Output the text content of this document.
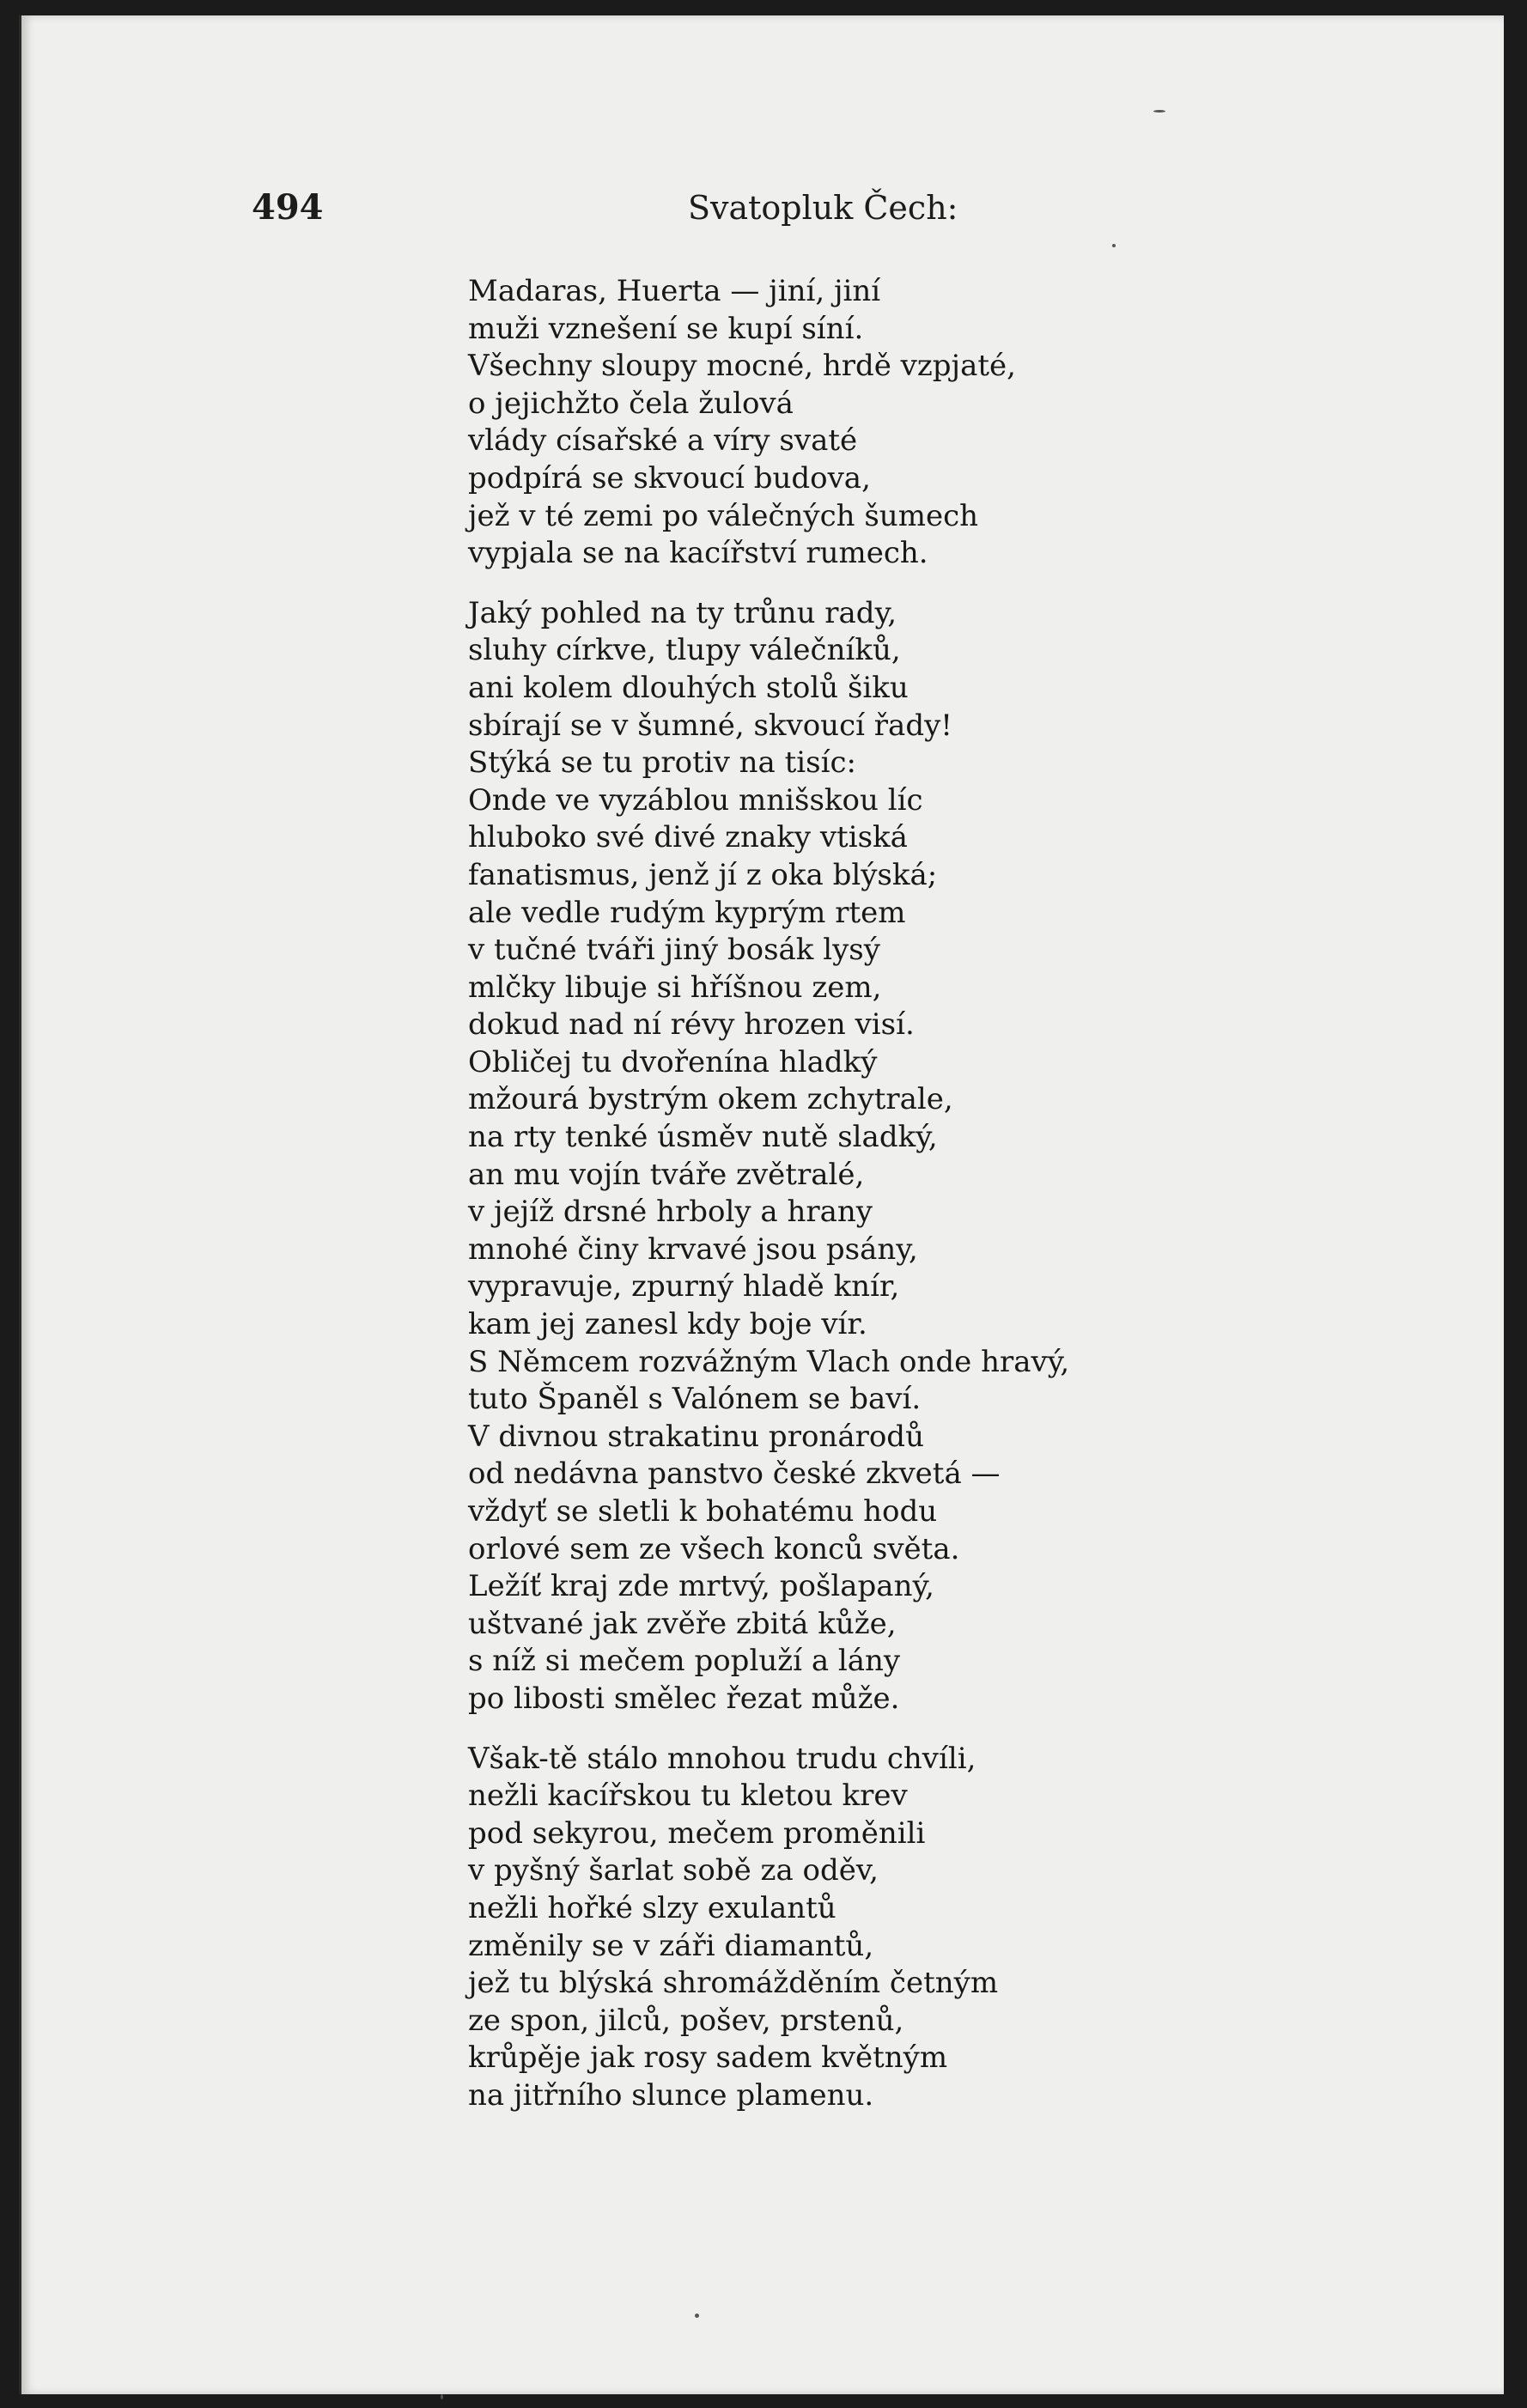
494	Svatopluk Čech:
Madaras, Huerta — jiní, jiní
muži vznešení se kupí síní.
Všechny sloupy mocné, hrdě vzpjaté,
o jejichžto čela žulová
vlády císařské a víry svaté
podpírá se skvoucí budova,
jež v té zemi po válečných šumech
vypjala se na kacířství rumech.
Jaký pohled na ty trůnu rady,
sluhy církve, tlupy válečníků,
ani kolem dlouhých stolů šiku
sbírají se v šumné, skvoucí řady!
Stýká se tu protiv na tisíc:
Onde ve vyzáblou mnišskou líc
hluboko své divé znaky vtiská
fanatismus, jenž jí z oka blýská;
ale vedle rudým kyprým rtem
v tučné tváři jiný bosák lysý
mlčky libuje si hříšnou zem,
dokud nad ní révy hrozen visí.
Obličej tu dvořenína hladký
mžourá bystrým okem zchytrale,
na rty tenké úsměv nutě sladký,
an mu vojín tváře zvětralé,
v jejíž drsné hrboly a hrany
mnohé činy krvavé jsou psány,
vypravuje, zpurný hladě knír,
kam jej zanesl kdy boje vír.
S Němcem rozvážným Vlach onde hravý,
tuto Španěl s Valónem se baví.
V divnou strakatinu pronárodů
od nedávna panstvo české zkvetá —
vždyť se sletli k bohatému hodu
orlové sem ze všech konců světa.
Ležíť kraj zde mrtvý, pošlapaný,
uštvané jak zvěře zbitá kůže,
s níž si mečem popluží a lány
po libosti smělec řezat může.
Však-tě stálo mnohou trudu chvíli,
nežli kacířskou tu kletou krev
pod sekyrou, mečem proměnili
v pyšný šarlat sobě za oděv,
nežli hořké slzy exulantů
změnily se v záři diamantů,
jež tu blýská shromážděním četným
ze spon, jilců, pošev, prstenů,
krůpěje jak rosy sadem květným
na jitřního slunce plamenu.
